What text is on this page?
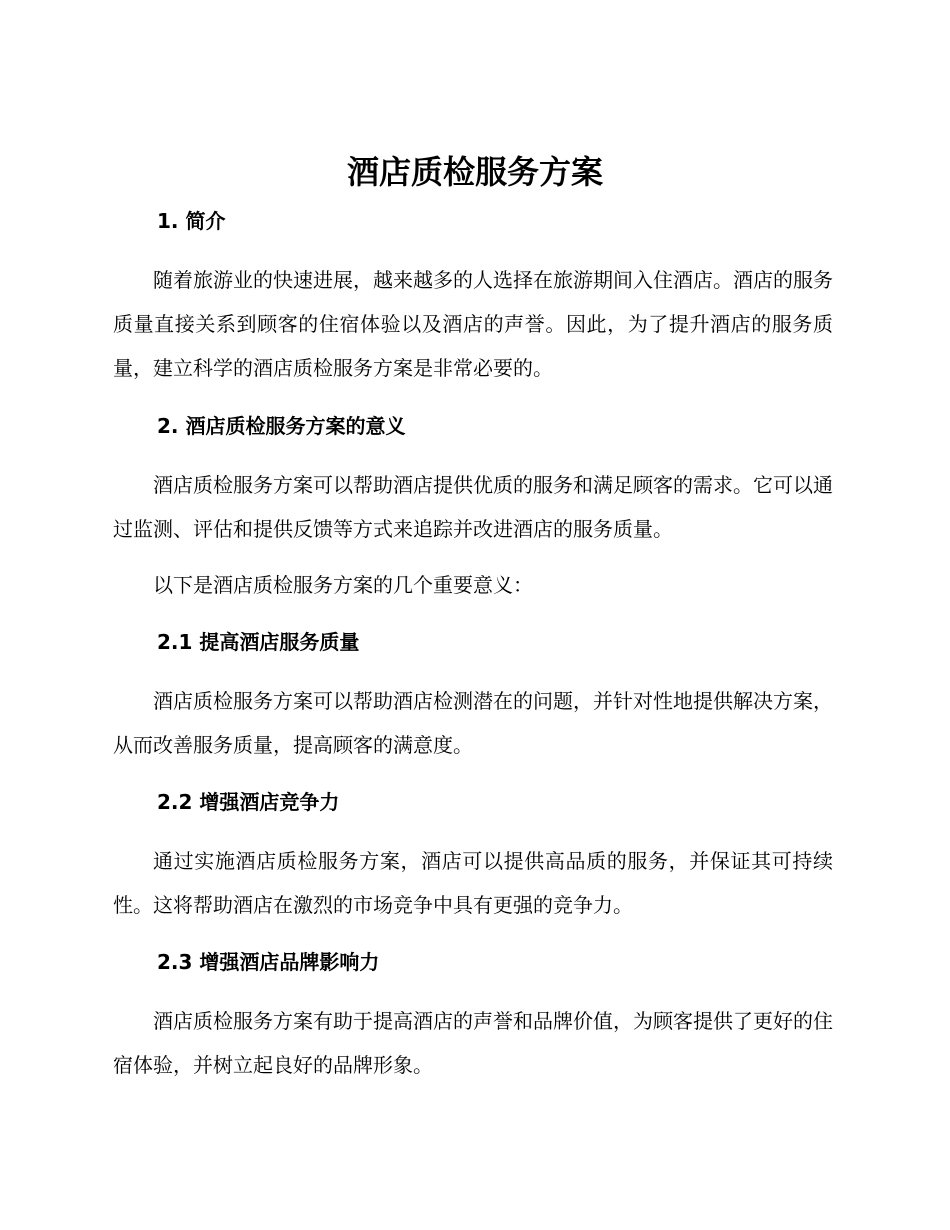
酒店质检服务方案
1. 简介

随着旅游业的快速进展，越来越多的人选择在旅游期间入住酒店。酒店的服务质量直接关系到顾客的住宿体验以及酒店的声誉。因此，为了提升酒店的服务质量，建立科学的酒店质检服务方案是非常必要的。

2. 酒店质检服务方案的意义

酒店质检服务方案可以帮助酒店提供优质的服务和满足顾客的需求。它可以通过监测、评估和提供反馈等方式来追踪并改进酒店的服务质量。

以下是酒店质检服务方案的几个重要意义：

2.1 提高酒店服务质量

酒店质检服务方案可以帮助酒店检测潜在的问题，并针对性地提供解决方案，从而改善服务质量，提高顾客的满意度。

2.2 增强酒店竞争力

通过实施酒店质检服务方案，酒店可以提供高品质的服务，并保证其可持续性。这将帮助酒店在激烈的市场竞争中具有更强的竞争力。

2.3 增强酒店品牌影响力

酒店质检服务方案有助于提高酒店的声誉和品牌价值，为顾客提供了更好的住宿体验，并树立起良好的品牌形象。
